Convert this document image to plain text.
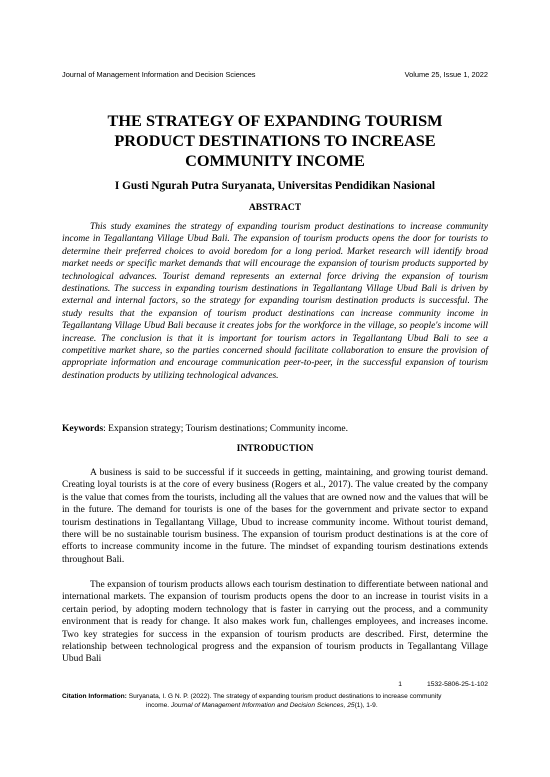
Journal of Management Information and Decision Sciences	Volume 25, Issue 1, 2022
THE STRATEGY OF EXPANDING TOURISM
PRODUCT DESTINATIONS TO INCREASE
COMMUNITY INCOME
I Gusti Ngurah Putra Suryanata, Universitas Pendidikan Nasional
ABSTRACT

This study examines the strategy of expanding tourism product destinations to increase community income in Tegallantang Village Ubud Bali. The expansion of tourism products opens the door for tourists to determine their preferred choices to avoid boredom for a long period. Market research will identify broad market needs or specific market demands that will encourage the expansion of tourism products supported by technological advances. Tourist demand represents an external force driving the expansion of tourism destinations. The success in expanding tourism destinations in Tegallantang Village Ubud Bali is driven by external and internal factors, so the strategy for expanding tourism destination products is successful. The study results that the expansion of tourism product destinations can increase community income in Tegallantang Village Ubud Bali because it creates jobs for the workforce in the village, so people's income will increase. The conclusion is that it is important for tourism actors in Tegallantang Ubud Bali to see a competitive market share, so the parties concerned should facilitate collaboration to ensure the provision of appropriate information and encourage communication peer-to-peer, in the successful expansion of tourism destination products by utilizing technological advances.

Keywords: Expansion strategy; Tourism destinations; Community income.

INTRODUCTION

A business is said to be successful if it succeeds in getting, maintaining, and growing tourist demand. Creating loyal tourists is at the core of every business (Rogers et al., 2017). The value created by the company is the value that comes from the tourists, including all the values that are owned now and the values that will be in the future. The demand for tourists is one of the bases for the government and private sector to expand tourism destinations in Tegallantang Village, Ubud to increase community income. Without tourist demand, there will be no sustainable tourism business. The expansion of tourism product destinations is at the core of efforts to increase community income in the future. The mindset of expanding tourism destinations extends throughout Bali.

The expansion of tourism products allows each tourism destination to differentiate between national and international markets. The expansion of tourism products opens the door to an increase in tourist visits in a certain period, by adopting modern technology that is faster in carrying out the process, and a community environment that is ready for change. It also makes work fun, challenges employees, and increases income. Two key strategies for success in the expansion of tourism products are described. First, determine the relationship between technological progress and the expansion of tourism products in Tegallantang Village Ubud Bali

1	1532-5806-25-1-102

Citation Information: Suryanata, I. G N. P. (2022). The strategy of expanding tourism product destinations to increase community
income. Journal of Management Information and Decision Sciences, 25(1), 1-9.
